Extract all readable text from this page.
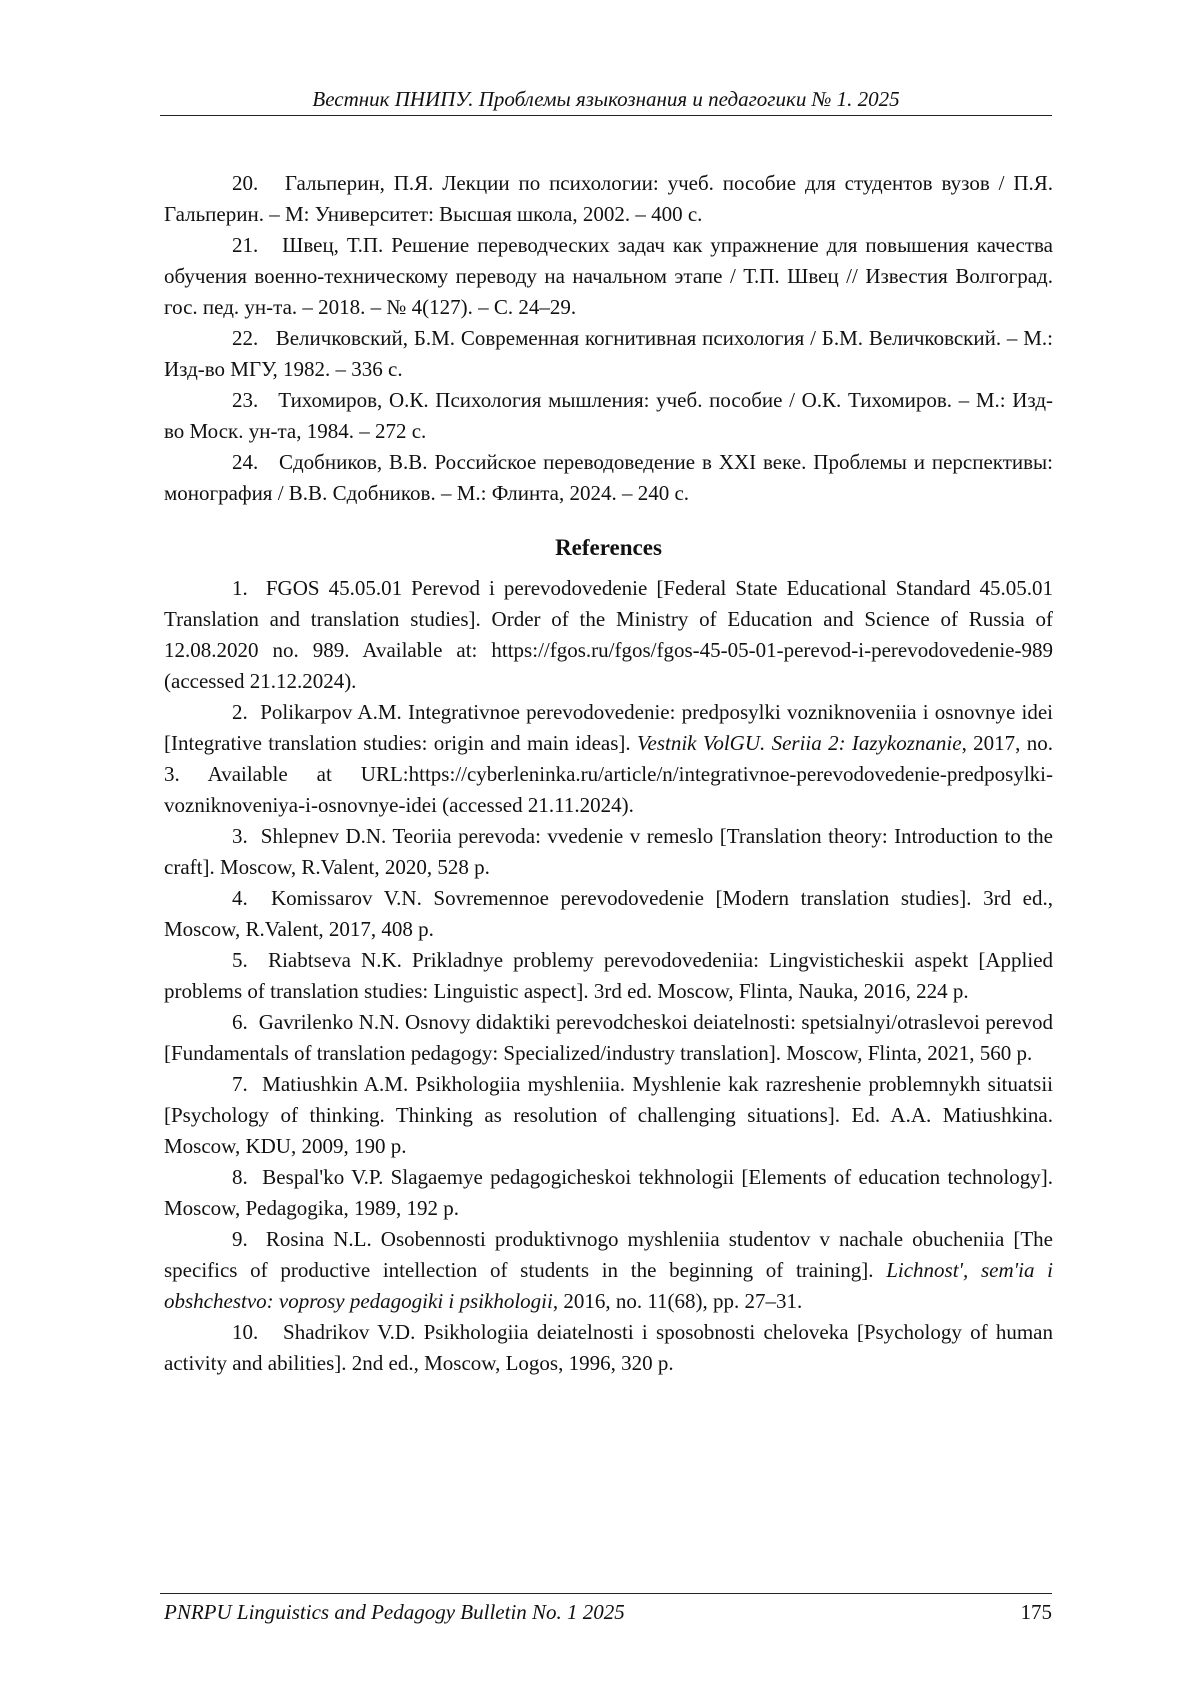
Вестник ПНИПУ. Проблемы языкознания и педагогики № 1. 2025

20. Гальперин, П.Я. Лекции по психологии: учеб. пособие для студентов вузов / П.Я. Гальперин. – М: Университет: Высшая школа, 2002. – 400 с.

21. Швец, Т.П. Решение переводческих задач как упражнение для повышения качества обучения военно-техническому переводу на начальном этапе / Т.П. Швец // Известия Волгоград. гос. пед. ун-та. – 2018. – № 4(127). – С. 24–29.

22. Величковский, Б.М. Современная когнитивная психология / Б.М. Величковский. – М.: Изд-во МГУ, 1982. – 336 с.

23. Тихомиров, О.К. Психология мышления: учеб. пособие / О.К. Тихомиров. – М.: Изд-во Моск. ун-та, 1984. – 272 с.

24. Сдобников, В.В. Российское переводоведение в XXI веке. Проблемы и перспективы: монография / В.В. Сдобников. – М.: Флинта, 2024. – 240 с.

References

1. FGOS 45.05.01 Perevod i perevodovedenie [Federal State Educational Standard 45.05.01 Translation and translation studies]. Order of the Ministry of Education and Science of Russia of 12.08.2020 no. 989. Available at: https://fgos.ru/fgos/fgos-45-05-01-perevod-i-perevodovedenie-989 (accessed 21.12.2024).

2. Polikarpov A.M. Integrativnoe perevodovedenie: predposylki vozniknoveniia i osnovnye idei [Integrative translation studies: origin and main ideas]. Vestnik VolGU. Seriia 2: Iazykoznanie, 2017, no. 3. Available at URL:https://cyberleninka.ru/article/n/integrativnoe-perevodovedenie-predposylki-vozniknoveniya-i-osnovnye-idei (accessed 21.11.2024).

3. Shlepnev D.N. Teoriia perevoda: vvedenie v remeslo [Translation theory: Introduction to the craft]. Moscow, R.Valent, 2020, 528 p.

4. Komissarov V.N. Sovremennoe perevodovedenie [Modern translation studies]. 3rd ed., Moscow, R.Valent, 2017, 408 p.

5. Riabtseva N.K. Prikladnye problemy perevodovedeniia: Lingvisticheskii aspekt [Applied problems of translation studies: Linguistic aspect]. 3rd ed. Moscow, Flinta, Nauka, 2016, 224 p.

6. Gavrilenko N.N. Osnovy didaktiki perevodcheskoi deiatelnosti: spetsialnyi/otraslevoi perevod [Fundamentals of translation pedagogy: Specialized/industry translation]. Moscow, Flinta, 2021, 560 p.

7. Matiushkin A.M. Psikhologiia myshleniia. Myshlenie kak razreshenie problemnykh situatsii [Psychology of thinking. Thinking as resolution of challenging situations]. Ed. A.A. Matiushkina. Moscow, KDU, 2009, 190 p.

8. Bespal'ko V.P. Slagaemye pedagogicheskoi tekhnologii [Elements of education technology]. Moscow, Pedagogika, 1989, 192 p.

9. Rosina N.L. Osobennosti produktivnogo myshleniia studentov v nachale obucheniia [The specifics of productive intellection of students in the beginning of training]. Lichnost', sem'ia i obshchestvo: voprosy pedagogiki i psikhologii, 2016, no. 11(68), pp. 27–31.

10. Shadrikov V.D. Psikhologiia deiatelnosti i sposobnosti cheloveka [Psychology of human activity and abilities]. 2nd ed., Moscow, Logos, 1996, 320 p.

PNRPU Linguistics and Pedagogy Bulletin No. 1 2025	175
